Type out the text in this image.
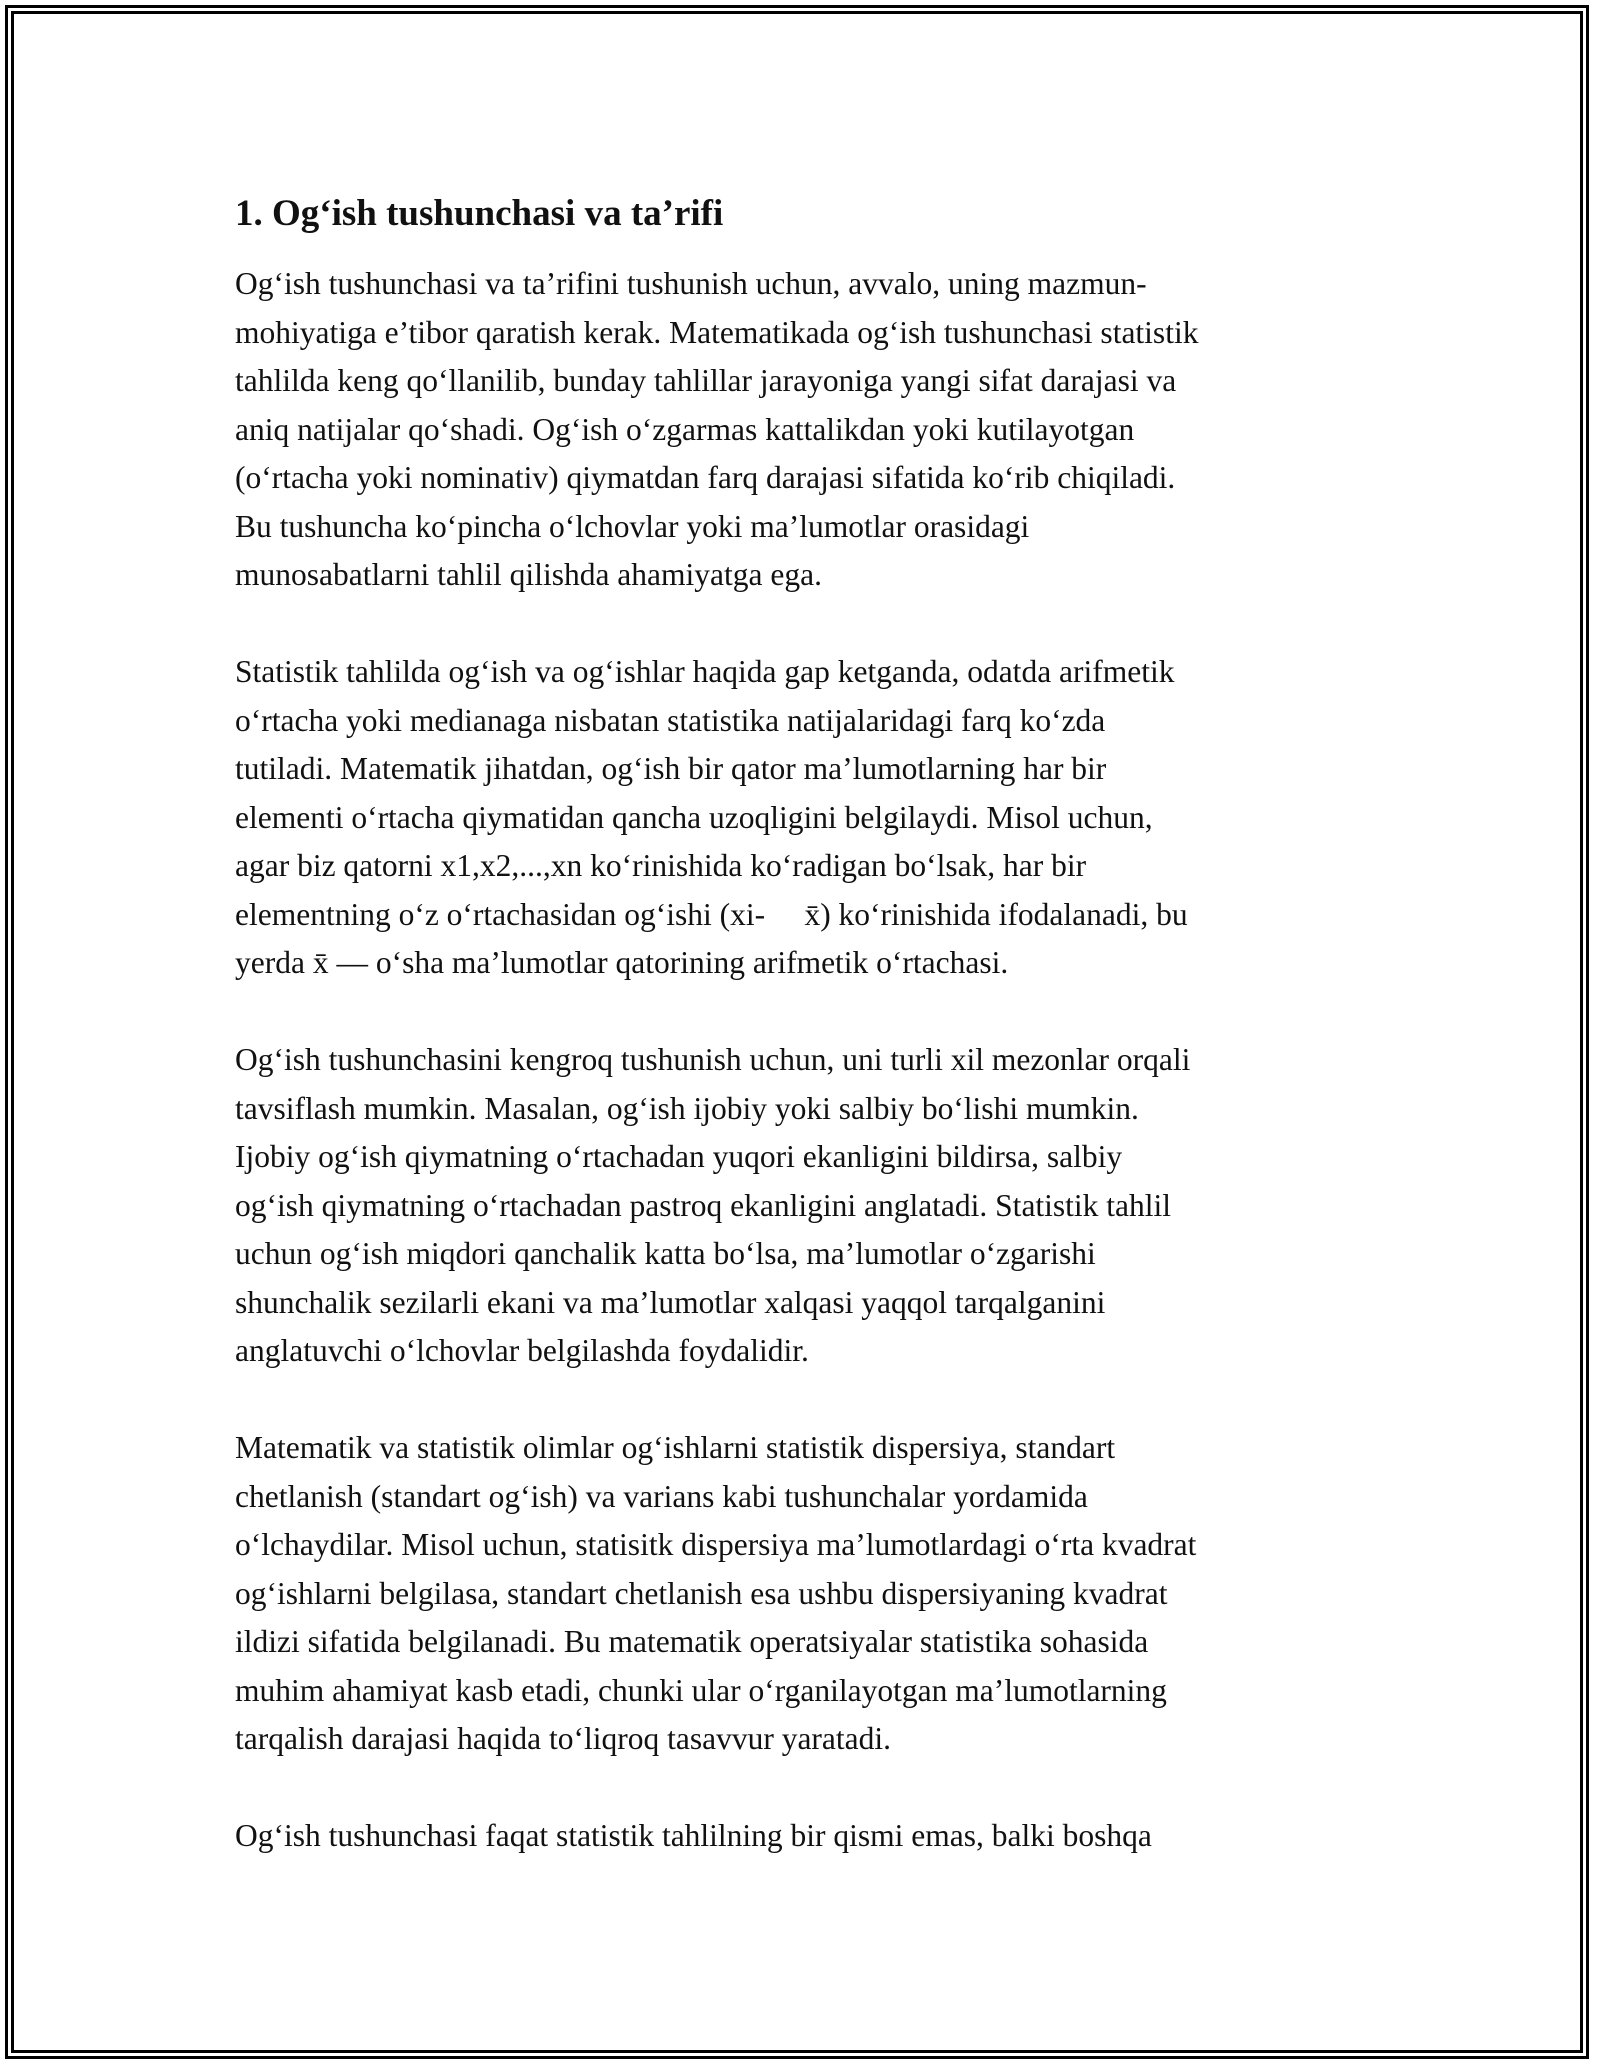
1. Og‘ish tushunchasi va ta’rifi

Og‘ish tushunchasi va ta’rifini tushunish uchun, avvalo, uning mazmun-
mohiyatiga e’tibor qaratish kerak. Matematikada og‘ish tushunchasi statistik
tahlilda keng qo‘llanilib, bunday tahlillar jarayoniga yangi sifat darajasi va
aniq natijalar qo‘shadi. Og‘ish o‘zgarmas kattalikdan yoki kutilayotgan
(o‘rtacha yoki nominativ) qiymatdan farq darajasi sifatida ko‘rib chiqiladi.
Bu tushuncha ko‘pincha o‘lchovlar yoki ma’lumotlar orasidagi
munosabatlarni tahlil qilishda ahamiyatga ega.

Statistik tahlilda og‘ish va og‘ishlar haqida gap ketganda, odatda arifmetik
o‘rtacha yoki medianaga nisbatan statistika natijalaridagi farq ko‘zda
tutiladi. Matematik jihatdan, og‘ish bir qator ma’lumotlarning har bir
elementi o‘rtacha qiymatidan qancha uzoqligini belgilaydi. Misol uchun,
agar biz qatorni x1,x2,...,xn ko‘rinishida ko‘radigan bo‘lsak, har bir
elementning o‘z o‘rtachasidan og‘ishi (xi-     x̄) ko‘rinishida ifodalanadi, bu
yerda x̄ — o‘sha ma’lumotlar qatorining arifmetik o‘rtachasi.

Og‘ish tushunchasini kengroq tushunish uchun, uni turli xil mezonlar orqali
tavsiflash mumkin. Masalan, og‘ish ijobiy yoki salbiy bo‘lishi mumkin.
Ijobiy og‘ish qiymatning o‘rtachadan yuqori ekanligini bildirsa, salbiy
og‘ish qiymatning o‘rtachadan pastroq ekanligini anglatadi. Statistik tahlil
uchun og‘ish miqdori qanchalik katta bo‘lsa, ma’lumotlar o‘zgarishi
shunchalik sezilarli ekani va ma’lumotlar xalqasi yaqqol tarqalganini
anglatuvchi o‘lchovlar belgilashda foydalidir.

Matematik va statistik olimlar og‘ishlarni statistik dispersiya, standart
chetlanish (standart og‘ish) va varians kabi tushunchalar yordamida
o‘lchaydilar. Misol uchun, statisitk dispersiya ma’lumotlardagi o‘rta kvadrat
og‘ishlarni belgilasa, standart chetlanish esa ushbu dispersiyaning kvadrat
ildizi sifatida belgilanadi. Bu matematik operatsiyalar statistika sohasida
muhim ahamiyat kasb etadi, chunki ular o‘rganilayotgan ma’lumotlarning
tarqalish darajasi haqida to‘liqroq tasavvur yaratadi.

Og‘ish tushunchasi faqat statistik tahlilning bir qismi emas, balki boshqa
